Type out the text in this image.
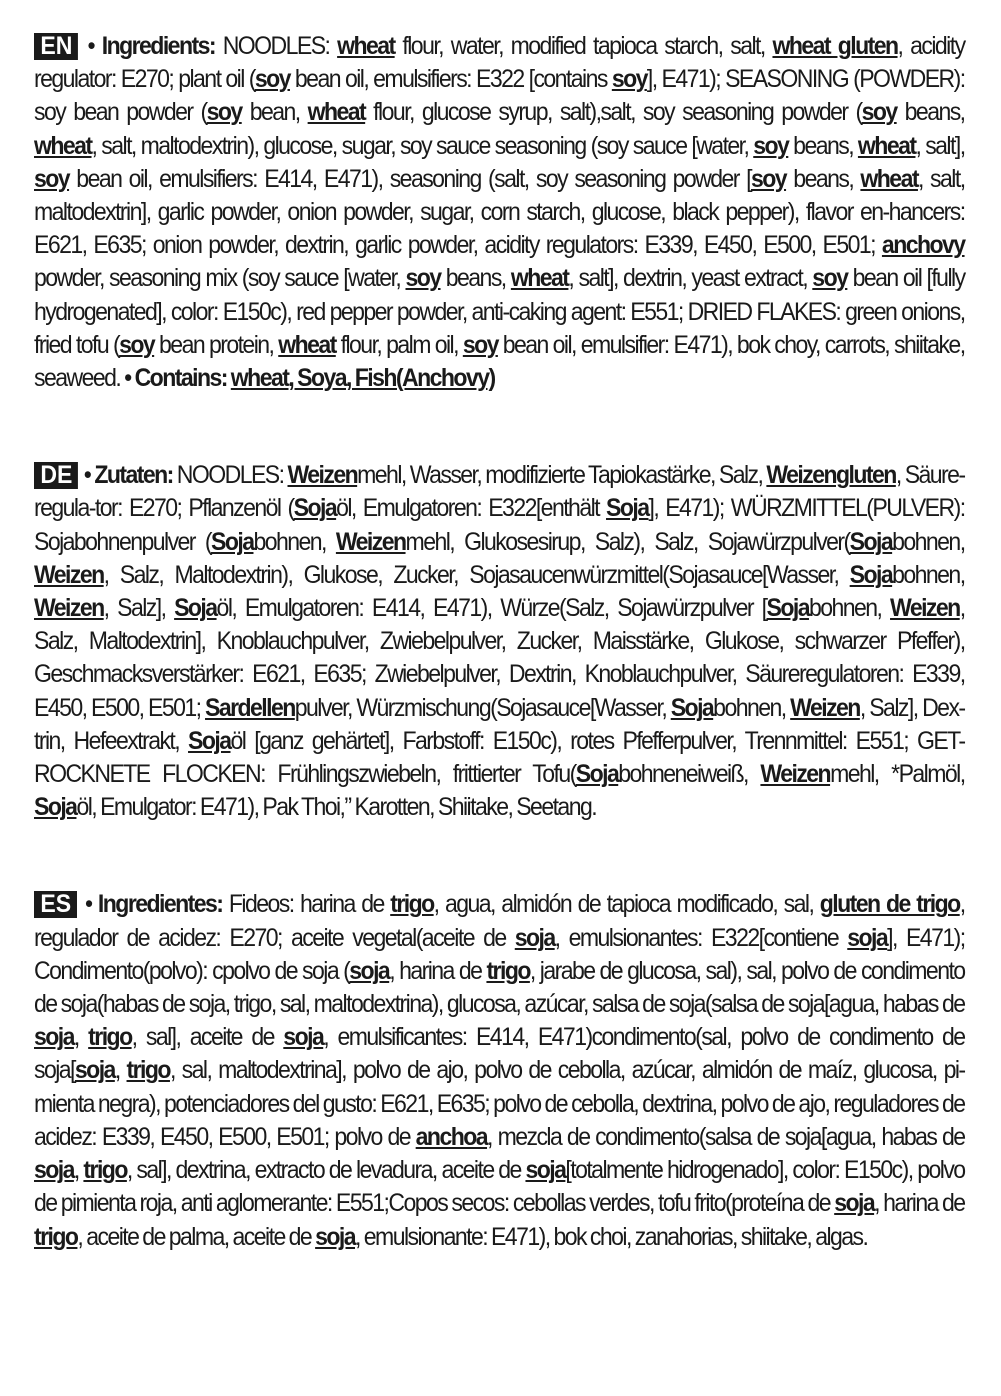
EN • Ingredients: NOODLES: wheat flour, water, modified tapioca starch, salt, wheat gluten, acidity regulator: E270; plant oil (soy bean oil, emulsifiers: E322 [contains soy], E471); SEASONING (POWDER): soy bean powder (soy bean, wheat flour, glucose syrup, salt),salt, soy seasoning powder (soy beans, wheat, salt, maltodextrin), glucose, sugar, soy sauce seasoning (soy sauce [water, soy beans, wheat, salt], soy bean oil, emulsifiers: E414, E471), seasoning (salt, soy seasoning powder [soy beans, wheat, salt, maltodextrin], garlic powder, onion powder, sugar, corn starch, glucose, black pepper), flavor en-hancers: E621, E635; onion powder, dextrin, garlic powder, acidity regulators: E339, E450, E500, E501; anchovy powder, seasoning mix (soy sauce [water, soy beans, wheat, salt], dextrin, yeast extract, soy bean oil [fully hydrogenated], color: E150c), red pepper powder, anti-caking agent: E551; DRIED FLAKES: green onions, fried tofu (soy bean protein, wheat flour, palm oil, soy bean oil, emulsifier: E471), bok choy, carrots, shiitake, seaweed. • Contains: wheat, Soya, Fish(Anchovy)
DE • Zutaten: NOODLES: Weizenmehl, Wasser, modifizierte Tapiokastärke, Salz, Weizengluten, Säure-regula-tor: E270; Pflanzenöl (Sojaöl, Emulgatoren: E322[enthält Soja], E471); WÜRZMITTEL(PULVER): Sojabohnenpulver (Sojabohnen, Weizenmehl, Glukosesirup, Salz), Salz, Sojawürzpulver(Sojabohnen, Weizen, Salz, Maltodextrin), Glukose, Zucker, Sojasaucenwürzmittel(Sojasauce[Wasser, Sojabohnen, Weizen, Salz], Sojaöl, Emulgatoren: E414, E471), Würze(Salz, Sojawürzpulver [Sojabohnen, Weizen, Salz, Maltodextrin], Knoblauchpulver, Zwiebelpulver, Zucker, Maisstärke, Glukose, schwarzer Pfeffer), Geschmacksverstärker: E621, E635; Zwiebelpulver, Dextrin, Knoblauchpulver, Säureregulatoren: E339, E450, E500, E501; Sardellenpulver, Würzmischung(Sojasauce[Wasser, Sojabohnen, Weizen, Salz], Dex-trin, Hefeextrakt, Sojaöl [ganz gehärtet], Farbstoff: E150c), rotes Pfefferpulver, Trennmittel: E551; GET-ROCKNETE FLOCKEN: Frühlingszwiebeln, frittierter Tofu(Sojabohneneiweiß, Weizenmehl, *Palmöl, Sojaöl, Emulgator: E471), Pak Thoi,” Karotten, Shiitake, Seetang.
ES • Ingredientes: Fideos: harina de trigo, agua, almidón de tapioca modificado, sal, gluten de trigo, regulador de acidez: E270; aceite vegetal(aceite de soja, emulsionantes: E322[contiene soja], E471); Condimento(polvo): cpolvo de soja (soja, harina de trigo, jarabe de glucosa, sal), sal, polvo de condimento de soja(habas de soja, trigo, sal, maltodextrina), glucosa, azúcar, salsa de soja(salsa de soja[agua, habas de soja, trigo, sal], aceite de soja, emulsificantes: E414, E471)condimento(sal, polvo de condimento de soja[soja, trigo, sal, maltodextrina], polvo de ajo, polvo de cebolla, azúcar, almidón de maíz, glucosa, pi-mienta negra), potenciadores del gusto: E621, E635; polvo de cebolla, dextrina, polvo de ajo, reguladores de acidez: E339, E450, E500, E501; polvo de anchoa, mezcla de condimento(salsa de soja[agua, habas de soja, trigo, sal], dextrina, extracto de levadura, aceite de soja[totalmente hidrogenado], color: E150c), polvo de pimienta roja, anti aglomerante: E551;Copos secos: cebollas verdes, tofu frito(proteína de soja, harina de trigo, aceite de palma, aceite de soja, emulsionante: E471), bok choi, zanahorias, shiitake, algas.
